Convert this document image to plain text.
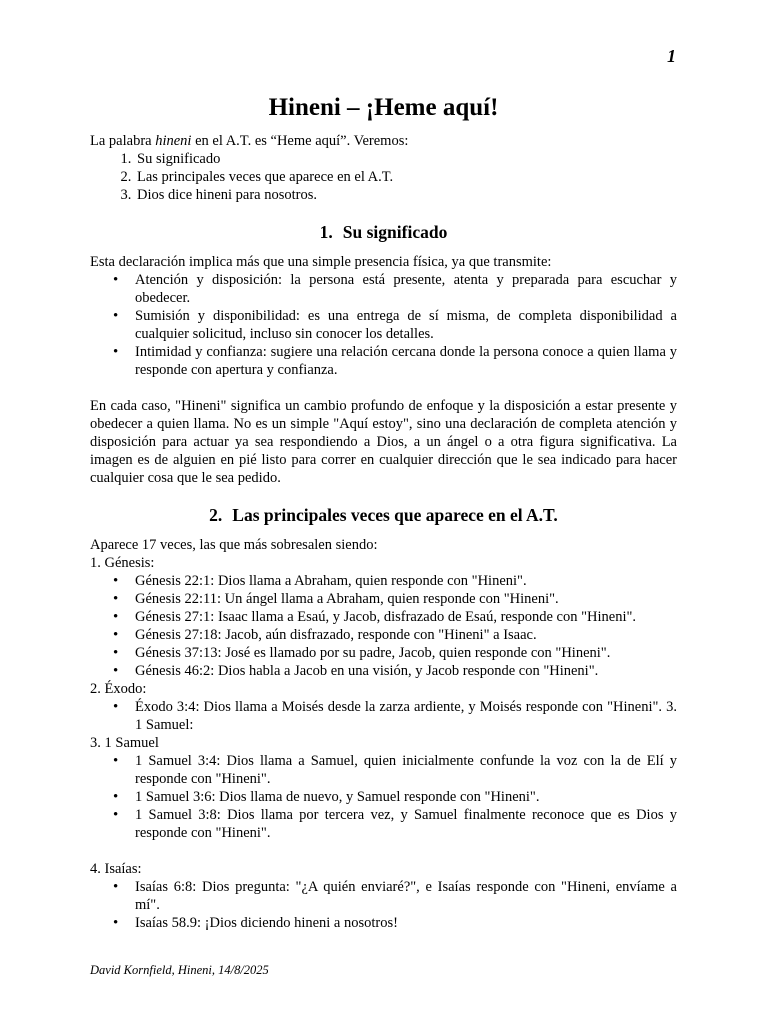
1
Hineni – ¡Heme aquí!

La palabra hineni en el A.T. es “Heme aquí”. Veremos:

1. Su significado
2. Las principales veces que aparece en el A.T.
3. Dios dice hineni para nosotros.
1. Su significado

Esta declaración implica más que una simple presencia física, ya que transmite:

• Atención y disposición: la persona está presente, atenta y preparada para escuchar y obedecer.
• Sumisión y disponibilidad: es una entrega de sí misma, de completa disponibilidad a cualquier solicitud, incluso sin conocer los detalles.
• Intimidad y confianza: sugiere una relación cercana donde la persona conoce a quien llama y responde con apertura y confianza.

En cada caso, "Hineni" significa un cambio profundo de enfoque y la disposición a estar presente y obedecer a quien llama. No es un simple "Aquí estoy", sino una declaración de completa atención y disposición para actuar ya sea respondiendo a Dios, a un ángel o a otra figura significativa. La imagen es de alguien en pié listo para correr en cualquier dirección que le sea indicado para hacer cualquier cosa que le sea pedido.

2. Las principales veces que aparece en el A.T.

Aparece 17 veces, las que más sobresalen siendo:

1. Génesis:

• Génesis 22:1: Dios llama a Abraham, quien responde con "Hineni".
• Génesis 22:11: Un ángel llama a Abraham, quien responde con "Hineni".
• Génesis 27:1: Isaac llama a Esaú, y Jacob, disfrazado de Esaú, responde con "Hineni".
• Génesis 27:18: Jacob, aún disfrazado, responde con "Hineni" a Isaac.
• Génesis 37:13: José es llamado por su padre, Jacob, quien responde con "Hineni".
• Génesis 46:2: Dios habla a Jacob en una visión, y Jacob responde con "Hineni".

2. Éxodo:

• Éxodo 3:4: Dios llama a Moisés desde la zarza ardiente, y Moisés responde con "Hineni". 3. 1 Samuel:

3. 1 Samuel

• 1 Samuel 3:4: Dios llama a Samuel, quien inicialmente confunde la voz con la de Elí y responde con "Hineni".
• 1 Samuel 3:6: Dios llama de nuevo, y Samuel responde con "Hineni".
• 1 Samuel 3:8: Dios llama por tercera vez, y Samuel finalmente reconoce que es Dios y responde con "Hineni".

4. Isaías:

• Isaías 6:8: Dios pregunta: "¿A quién enviaré?", e Isaías responde con "Hineni, envíame a mí".
• Isaías 58.9: ¡Dios diciendo hineni a nosotros!
David Kornfield, Hineni, 14/8/2025
